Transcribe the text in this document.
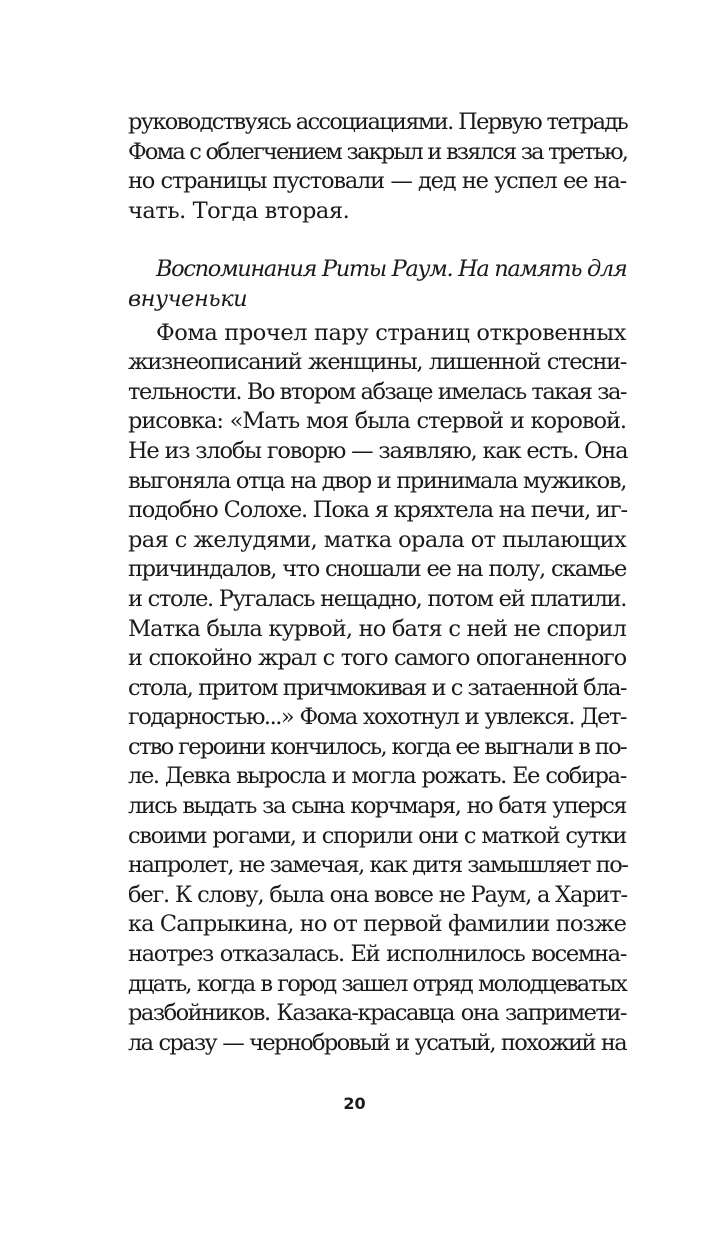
руководствуясь ассоциациями. Первую тетрадь
Фома с облегчением закрыл и взялся за третью,
но страницы пустовали — дед не успел ее на-
чать. Тогда вторая.
Воспоминания Риты Раум. На память для
внученьки
Фома прочел пару страниц откровенных
жизнеописаний женщины, лишенной стесни-
тельности. Во втором абзаце имелась такая за-
рисовка: «Мать моя была стервой и коровой.
Не из злобы говорю — заявляю, как есть. Она
выгоняла отца на двор и принимала мужиков,
подобно Солохе. Пока я кряхтела на печи, иг-
рая с желудями, матка орала от пылающих
причиндалов, что сношали ее на полу, скамье
и столе. Ругалась нещадно, потом ей платили.
Матка была курвой, но батя с ней не спорил
и спокойно жрал с того самого опоганенного
стола, притом причмокивая и с затаенной бла-
годарностью...» Фома хохотнул и увлекся. Дет-
ство героини кончилось, когда ее выгнали в по-
ле. Девка выросла и могла рожать. Ее собира-
лись выдать за сына корчмаря, но батя уперся
своими рогами, и спорили они с маткой сутки
напролет, не замечая, как дитя замышляет по-
бег. К слову, была она вовсе не Раум, а Харит-
ка Сапрыкина, но от первой фамилии позже
наотрез отказалась. Ей исполнилось восемна-
дцать, когда в город зашел отряд молодцеватых
разбойников. Казака-красавца она запримети-
ла сразу — чернобровый и усатый, похожий на
20
